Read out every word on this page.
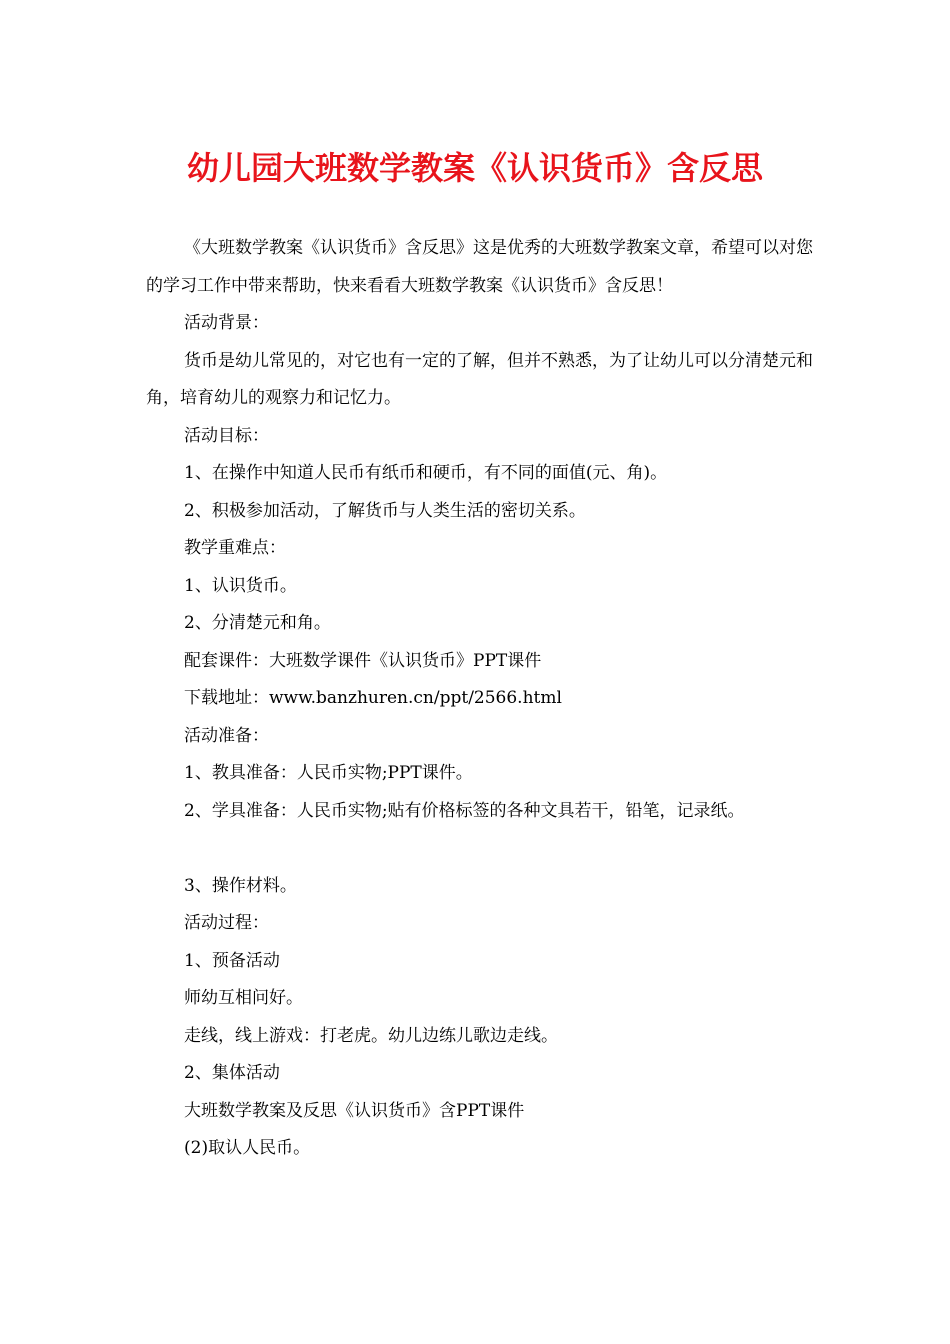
幼儿园大班数学教案《认识货币》含反思

《大班数学教案《认识货币》含反思》这是优秀的大班数学教案文章，希望可以对您的学习工作中带来帮助，快来看看大班数学教案《认识货币》含反思！

活动背景：

货币是幼儿常见的，对它也有一定的了解，但并不熟悉，为了让幼儿可以分清楚元和角，培育幼儿的观察力和记忆力。

活动目标：

1、在操作中知道人民币有纸币和硬币，有不同的面值(元、角)。

2、积极参加活动，了解货币与人类生活的密切关系。

教学重难点：

1、认识货币。

2、分清楚元和角。

配套课件：大班数学课件《认识货币》PPT课件

下载地址：www.banzhuren.cn/ppt/2566.html

活动准备：

1、教具准备：人民币实物;PPT课件。

2、学具准备：人民币实物;贴有价格标签的各种文具若干，铅笔，记录纸。

3、操作材料。

活动过程：

1、预备活动

师幼互相问好。

走线，线上游戏：打老虎。幼儿边练儿歌边走线。

2、集体活动

大班数学教案及反思《认识货币》含PPT课件

(2)取认人民币。
